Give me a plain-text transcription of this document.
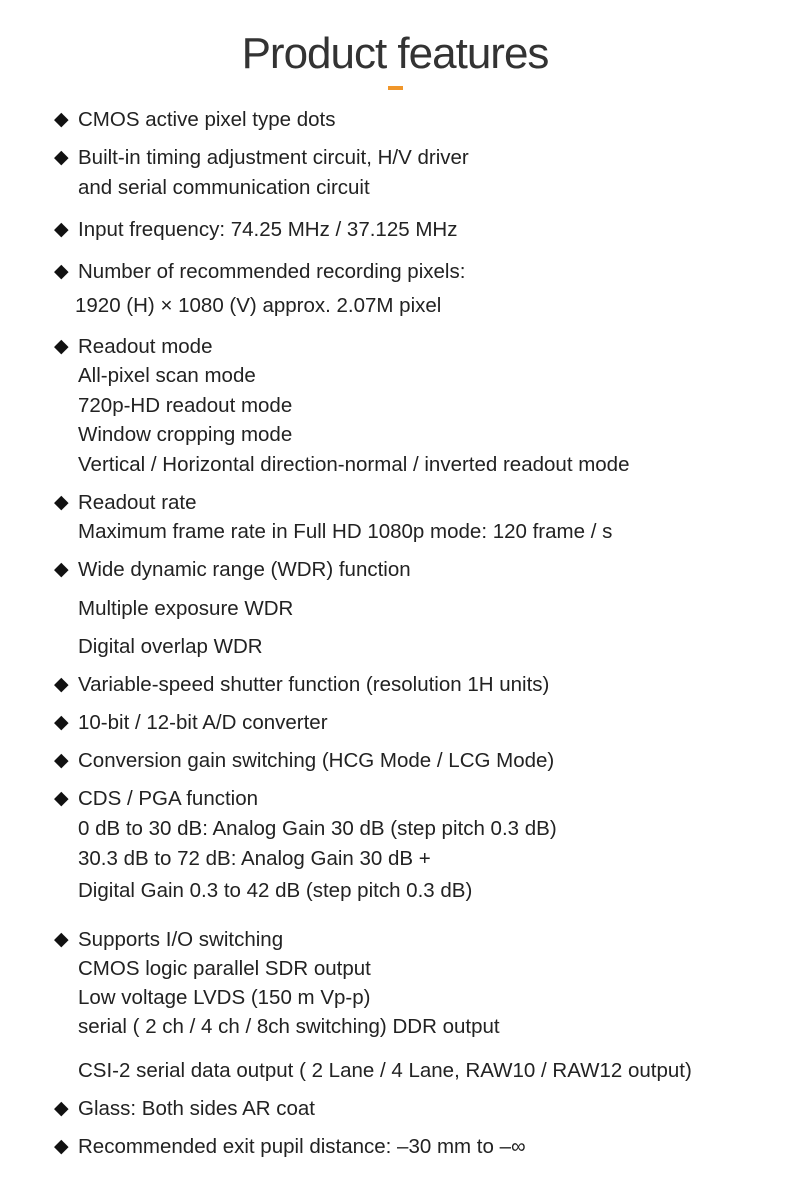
Product features
◆ CMOS active pixel type dots
◆ Built-in timing adjustment circuit, H/V driver
and serial communication circuit
◆ Input frequency: 74.25 MHz / 37.125 MHz
◆ Number of recommended recording pixels:
1920 (H) × 1080 (V) approx. 2.07M pixel
◆ Readout mode
All-pixel scan mode
720p-HD readout mode
Window cropping mode
Vertical / Horizontal direction-normal / inverted readout mode
◆ Readout rate
Maximum frame rate in Full HD 1080p mode: 120 frame / s
◆ Wide dynamic range (WDR) function
Multiple exposure WDR
Digital overlap WDR
◆ Variable-speed shutter function (resolution 1H units)
◆ 10-bit / 12-bit A/D converter
◆ Conversion gain switching (HCG Mode / LCG Mode)
◆ CDS / PGA function
0 dB to 30 dB: Analog Gain 30 dB (step pitch 0.3 dB)
30.3 dB to 72 dB: Analog Gain 30 dB +
Digital Gain 0.3 to 42 dB (step pitch 0.3 dB)
◆ Supports I/O switching
CMOS logic parallel SDR output
Low voltage LVDS (150 m Vp-p)
serial ( 2 ch / 4 ch / 8ch switching) DDR output
CSI-2 serial data output ( 2 Lane / 4 Lane, RAW10 / RAW12 output)
◆ Glass: Both sides AR coat
◆ Recommended exit pupil distance: –30 mm to –∞
